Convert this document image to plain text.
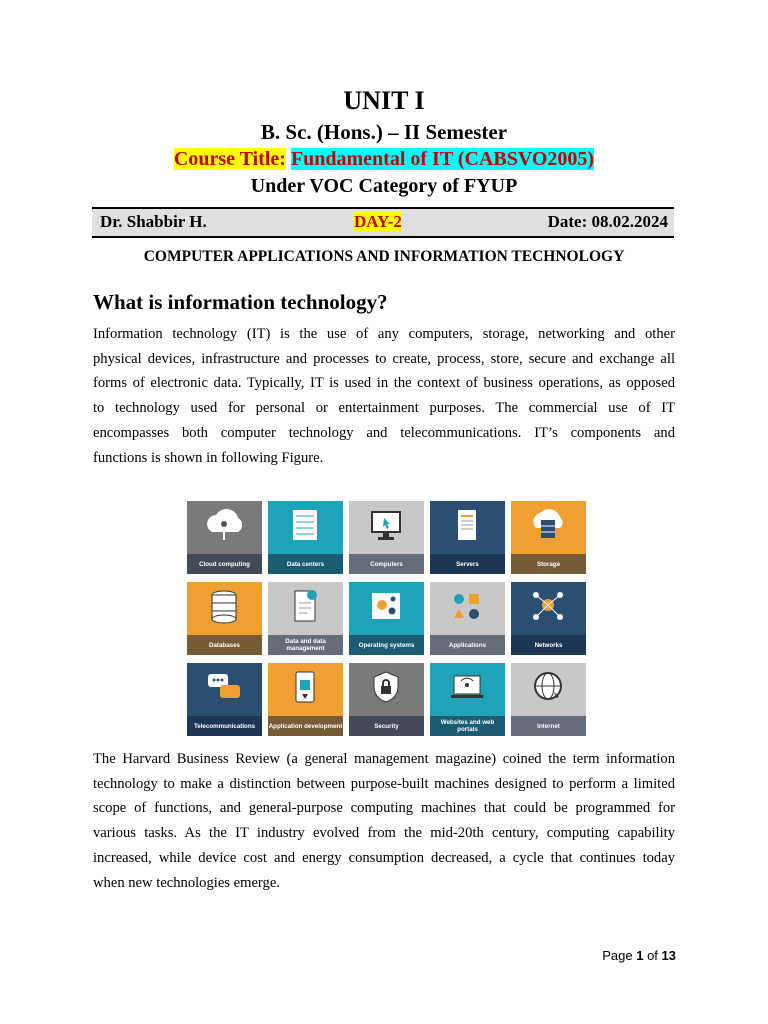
UNIT I
B. Sc. (Hons.) – II Semester
Course Title: Fundamental of IT (CABSVO2005)
Under VOC Category of FYUP
Dr. Shabbir H.	DAY-2	Date: 08.02.2024
COMPUTER APPLICATIONS AND INFORMATION TECHNOLOGY
What is information technology?
Information technology (IT) is the use of any computers, storage, networking and other
physical devices, infrastructure and processes to create, process, store, secure and exchange all
forms of electronic data. Typically, IT is used in the context of business operations, as opposed
to technology used for personal or entertainment purposes. The commercial use of IT
encompasses both computer technology and telecommunications. IT’s components and
functions is shown in following Figure.
Cloud computing	Data centers	Computers	Servers	Storage
Databases	Data and data management	Operating systems	Applications	Networks
Telecommunications	Application development	Security	Websites and web portals	Internet
The Harvard Business Review (a general management magazine) coined the term information
technology to make a distinction between purpose-built machines designed to perform a limited
scope of functions, and general-purpose computing machines that could be programmed for
various tasks. As the IT industry evolved from the mid-20th century, computing capability
increased, while device cost and energy consumption decreased, a cycle that continues today
when new technologies emerge.
Page 1 of 13
